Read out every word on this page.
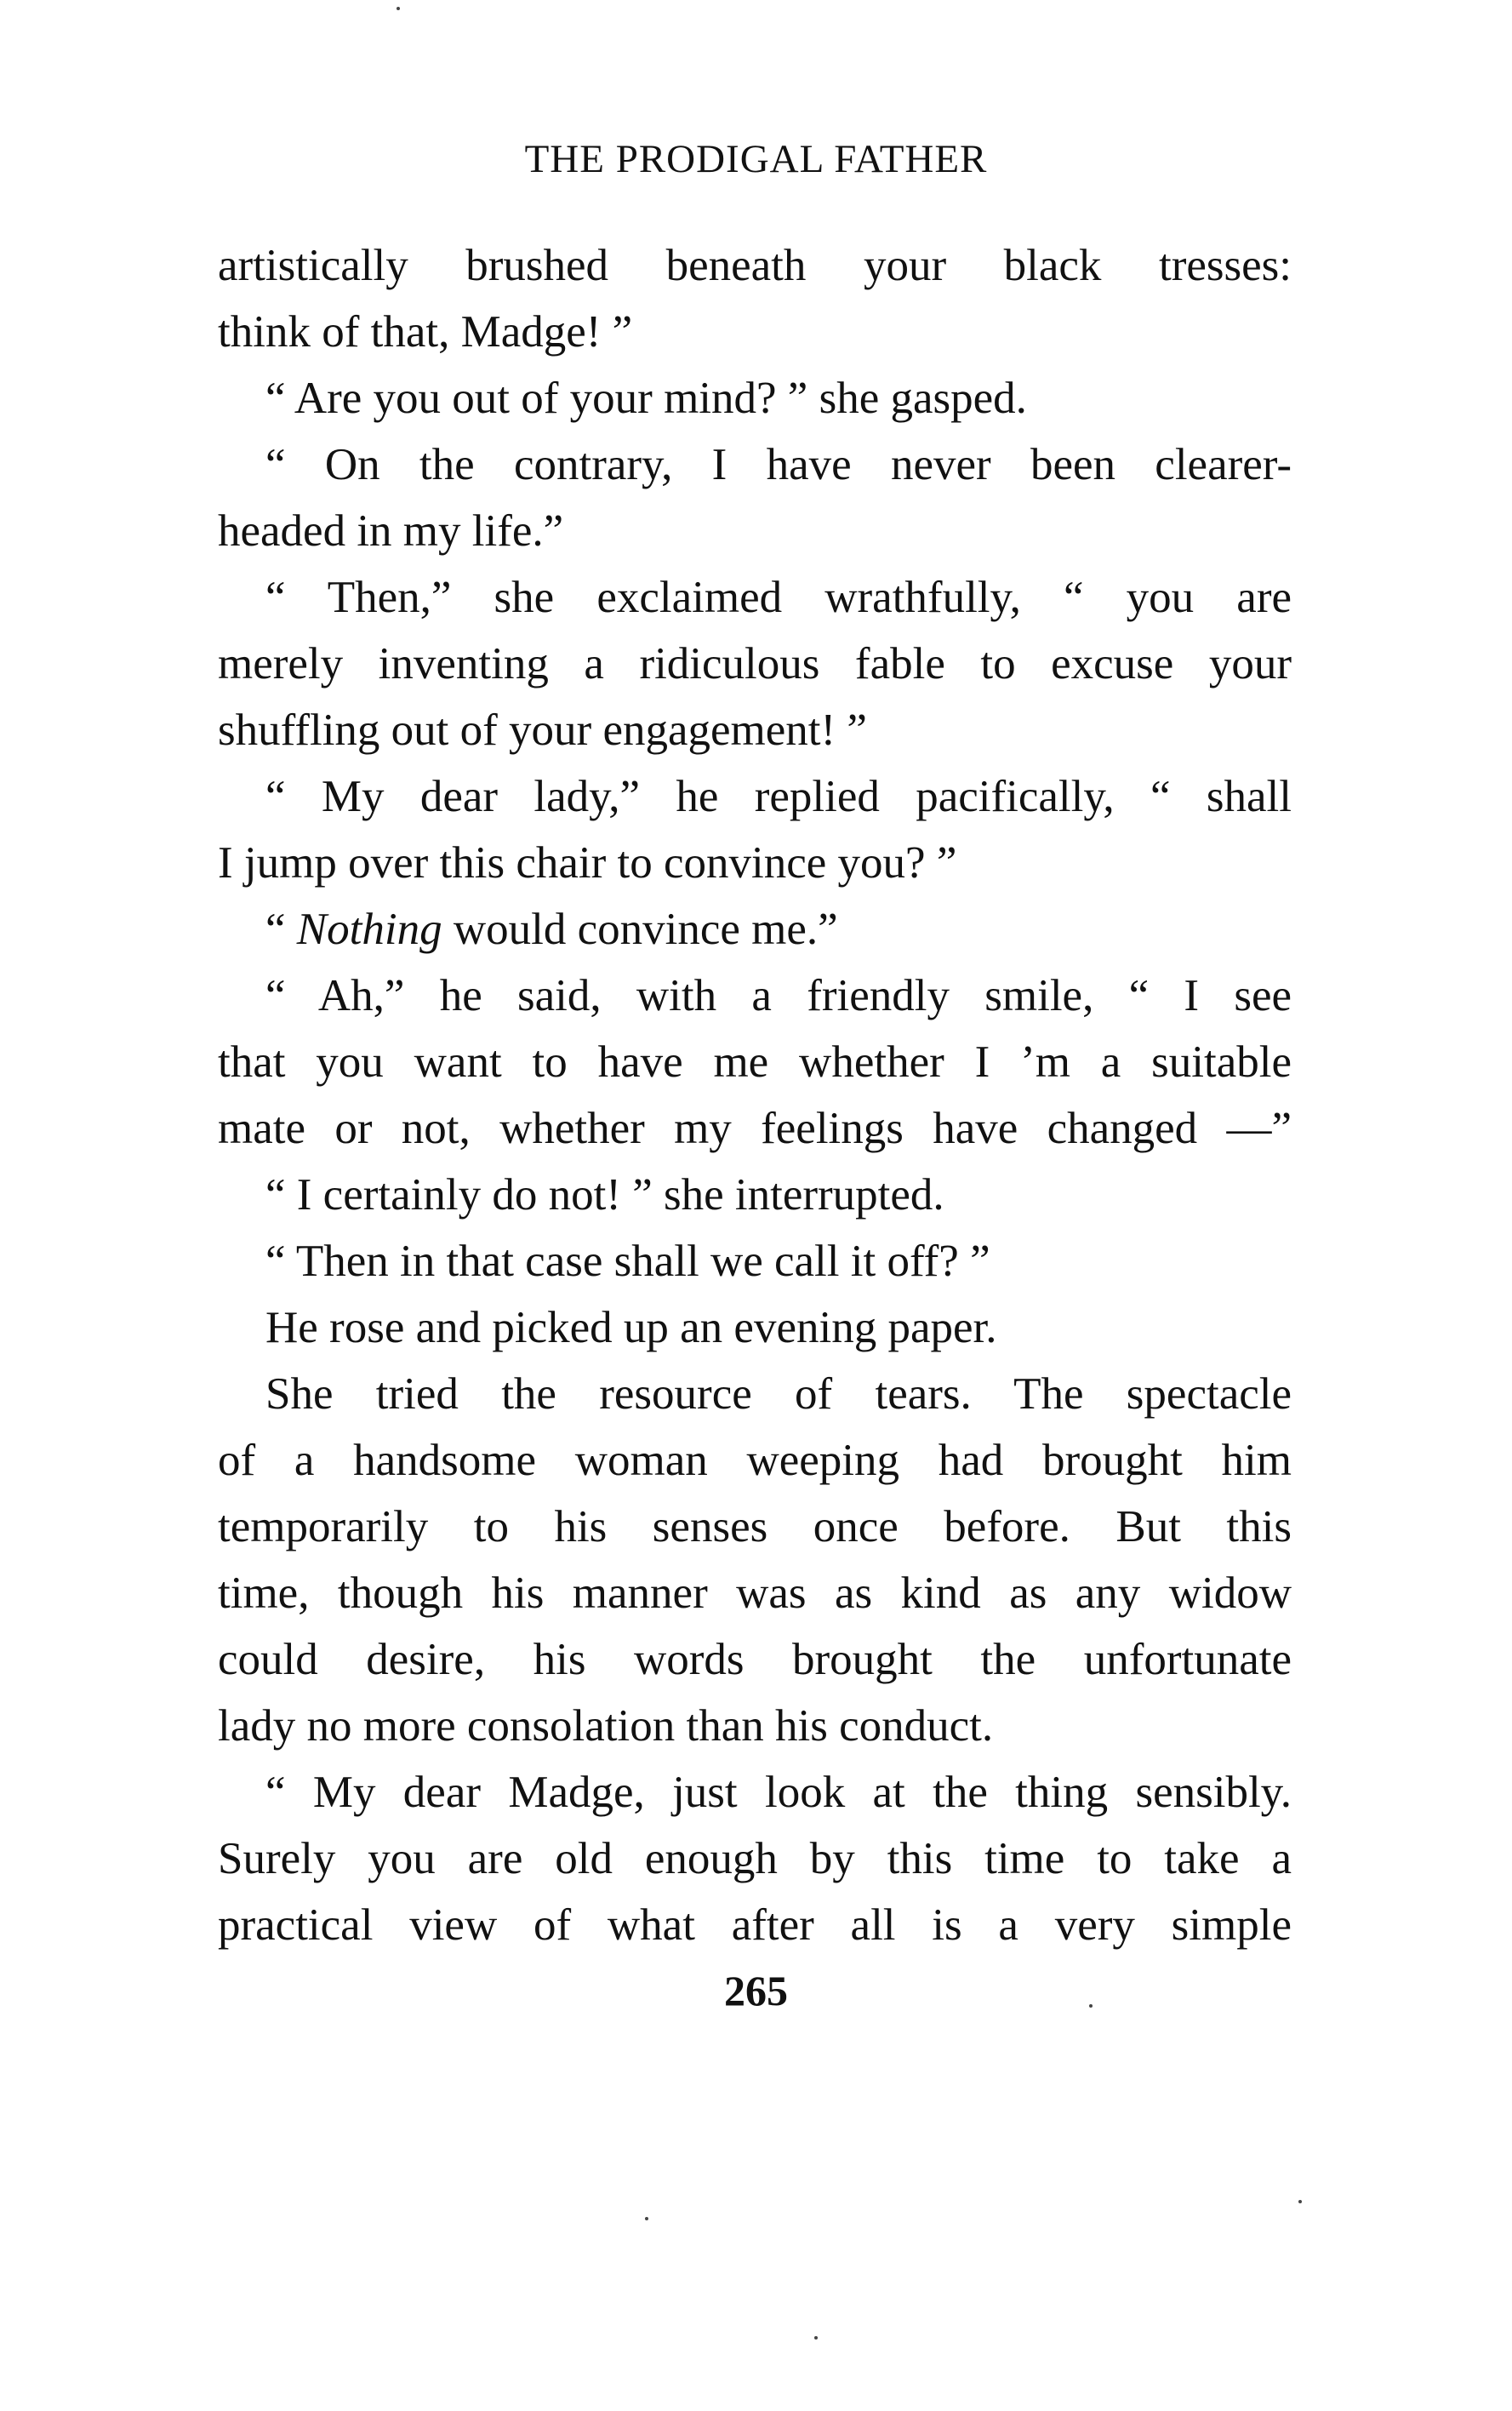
THE PRODIGAL FATHER
artistically brushed beneath your black tresses:
think of that, Madge! ”
“ Are you out of your mind? ” she gasped.
“ On the contrary, I have never been clearer-
headed in my life.”
“ Then,” she exclaimed wrathfully, “ you are
merely inventing a ridiculous fable to excuse your
shuffling out of your engagement! ”
“ My dear lady,” he replied pacifically, “ shall
I jump over this chair to convince you? ”
“ Nothing would convince me.”
“ Ah,” he said, with a friendly smile, “ I see
that you want to have me whether I ’m a suitable
mate or not, whether my feelings have changed —”
“ I certainly do not! ” she interrupted.
“ Then in that case shall we call it off? ”
He rose and picked up an evening paper.
She tried the resource of tears. The spectacle
of a handsome woman weeping had brought him
temporarily to his senses once before. But this
time, though his manner was as kind as any widow
could desire, his words brought the unfortunate
lady no more consolation than his conduct.
“ My dear Madge, just look at the thing sensibly.
Surely you are old enough by this time to take a
practical view of what after all is a very simple
265
